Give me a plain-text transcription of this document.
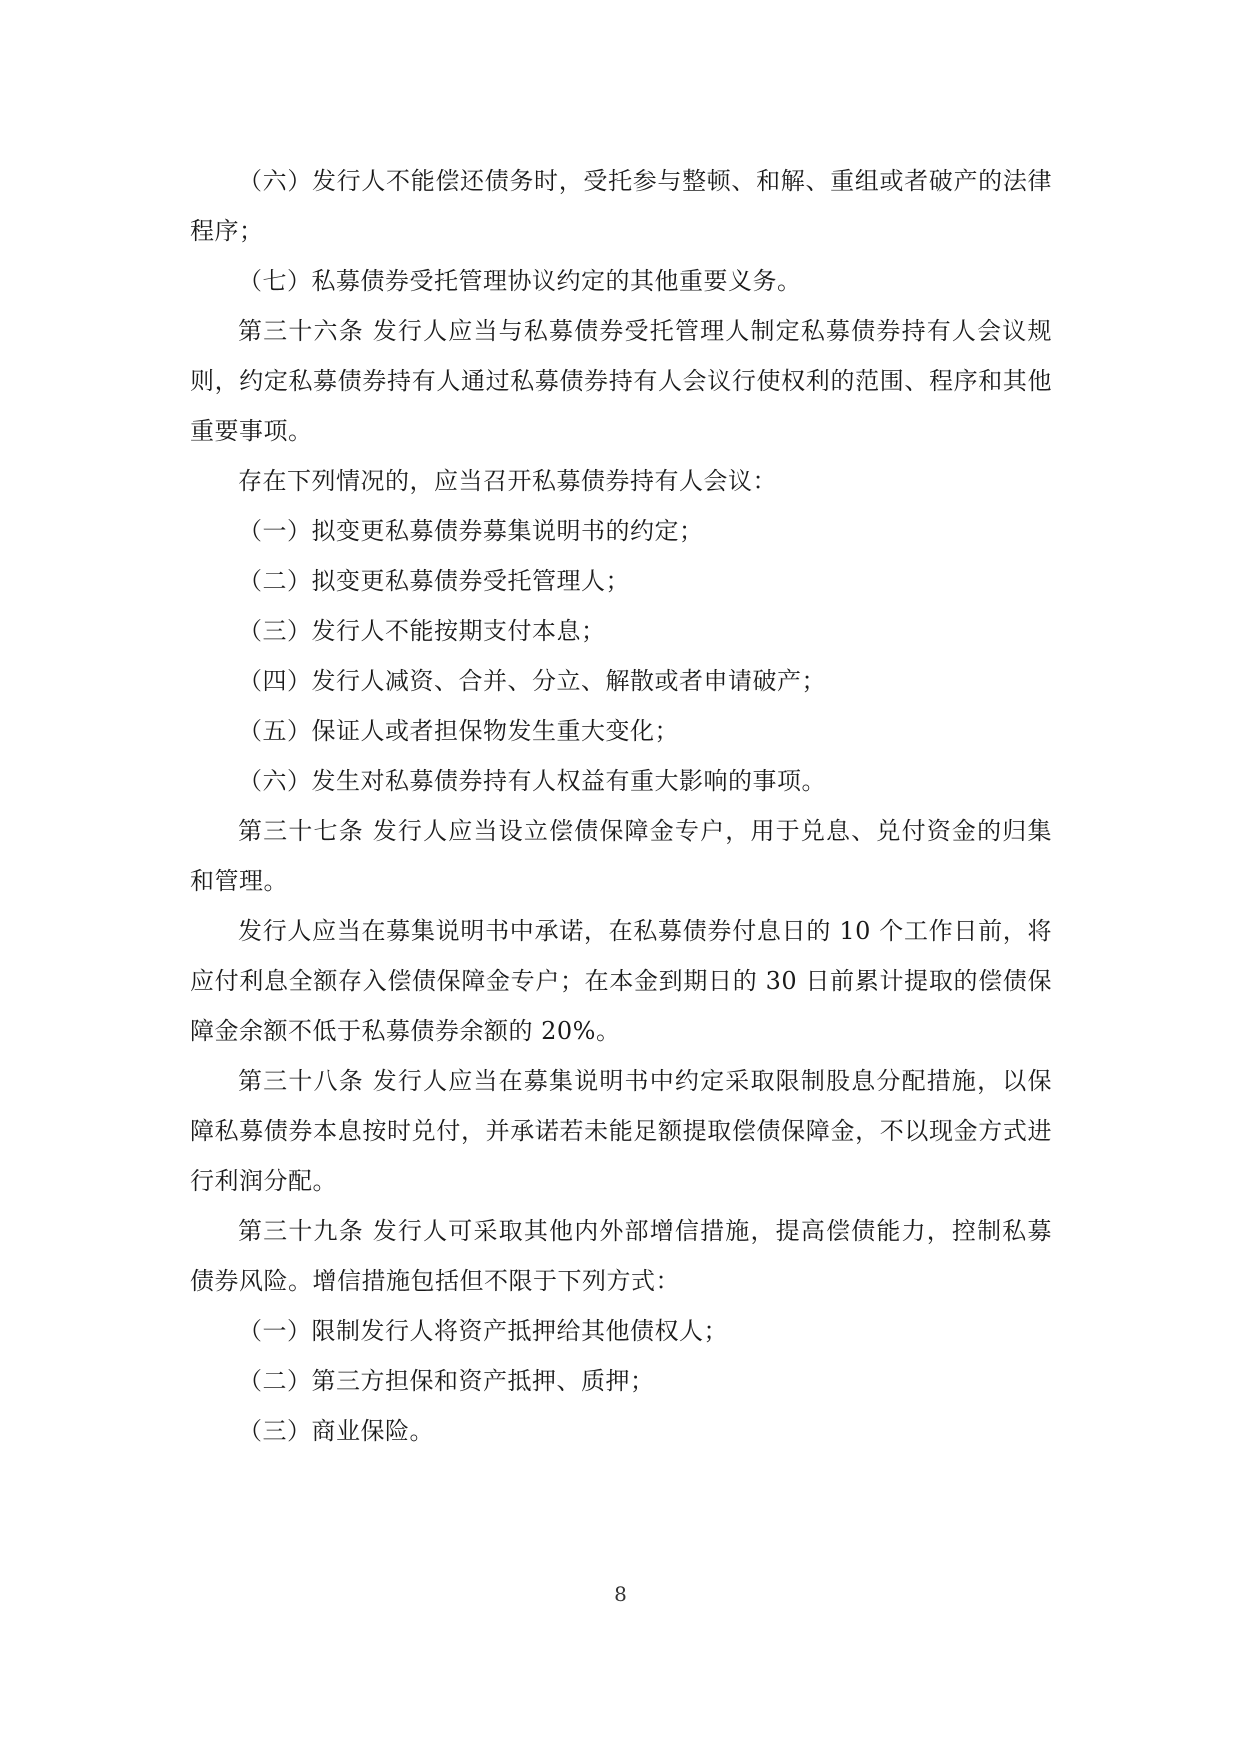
（六）发行人不能偿还债务时，受托参与整顿、和解、重组或者破产的法律程序；

（七）私募债券受托管理协议约定的其他重要义务。

第三十六条 发行人应当与私募债券受托管理人制定私募债券持有人会议规则，约定私募债券持有人通过私募债券持有人会议行使权利的范围、程序和其他重要事项。

存在下列情况的，应当召开私募债券持有人会议：

（一）拟变更私募债券募集说明书的约定；

（二）拟变更私募债券受托管理人；

（三）发行人不能按期支付本息；

（四）发行人减资、合并、分立、解散或者申请破产；

（五）保证人或者担保物发生重大变化；

（六）发生对私募债券持有人权益有重大影响的事项。

第三十七条 发行人应当设立偿债保障金专户，用于兑息、兑付资金的归集和管理。

发行人应当在募集说明书中承诺，在私募债券付息日的 10 个工作日前，将应付利息全额存入偿债保障金专户；在本金到期日的 30 日前累计提取的偿债保障金余额不低于私募债券余额的 20%。

第三十八条 发行人应当在募集说明书中约定采取限制股息分配措施，以保障私募债券本息按时兑付，并承诺若未能足额提取偿债保障金，不以现金方式进行利润分配。

第三十九条 发行人可采取其他内外部增信措施，提高偿债能力，控制私募债券风险。增信措施包括但不限于下列方式：

（一）限制发行人将资产抵押给其他债权人；

（二）第三方担保和资产抵押、质押；

（三）商业保险。

8
